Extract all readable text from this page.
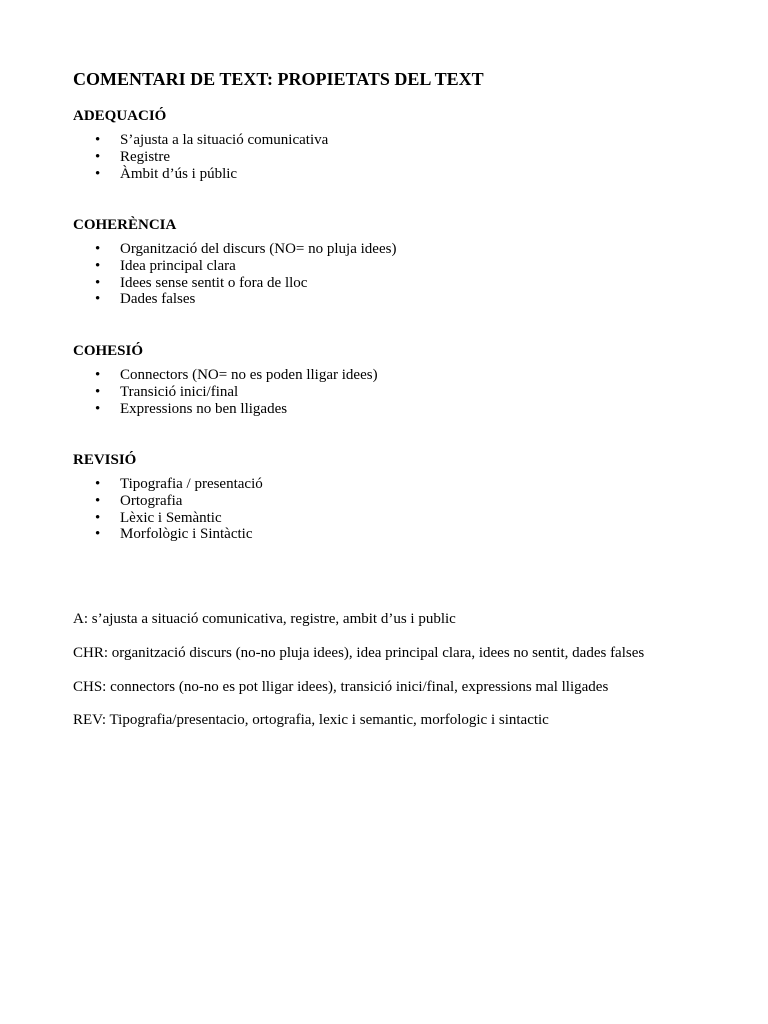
COMENTARI DE TEXT: PROPIETATS DEL TEXT
ADEQUACIÓ
• S’ajusta a la situació comunicativa
• Registre
• Àmbit d’ús i públic
COHERÈNCIA
• Organització del discurs (NO= no pluja idees)
• Idea principal clara
• Idees sense sentit o fora de lloc
• Dades falses
COHESIÓ
• Connectors (NO= no es poden lligar idees)
• Transició inici/final
• Expressions no ben lligades
REVISIÓ
• Tipografia / presentació
• Ortografia
• Lèxic i Semàntic
• Morfològic i Sintàctic

A: s’ajusta a situació comunicativa, registre, ambit d’us i public

CHR: organització discurs (no-no pluja idees), idea principal clara, idees no sentit, dades falses

CHS: connectors (no-no es pot lligar idees), transició inici/final, expressions mal lligades

REV: Tipografia/presentacio, ortografia, lexic i semantic, morfologic i sintactic
